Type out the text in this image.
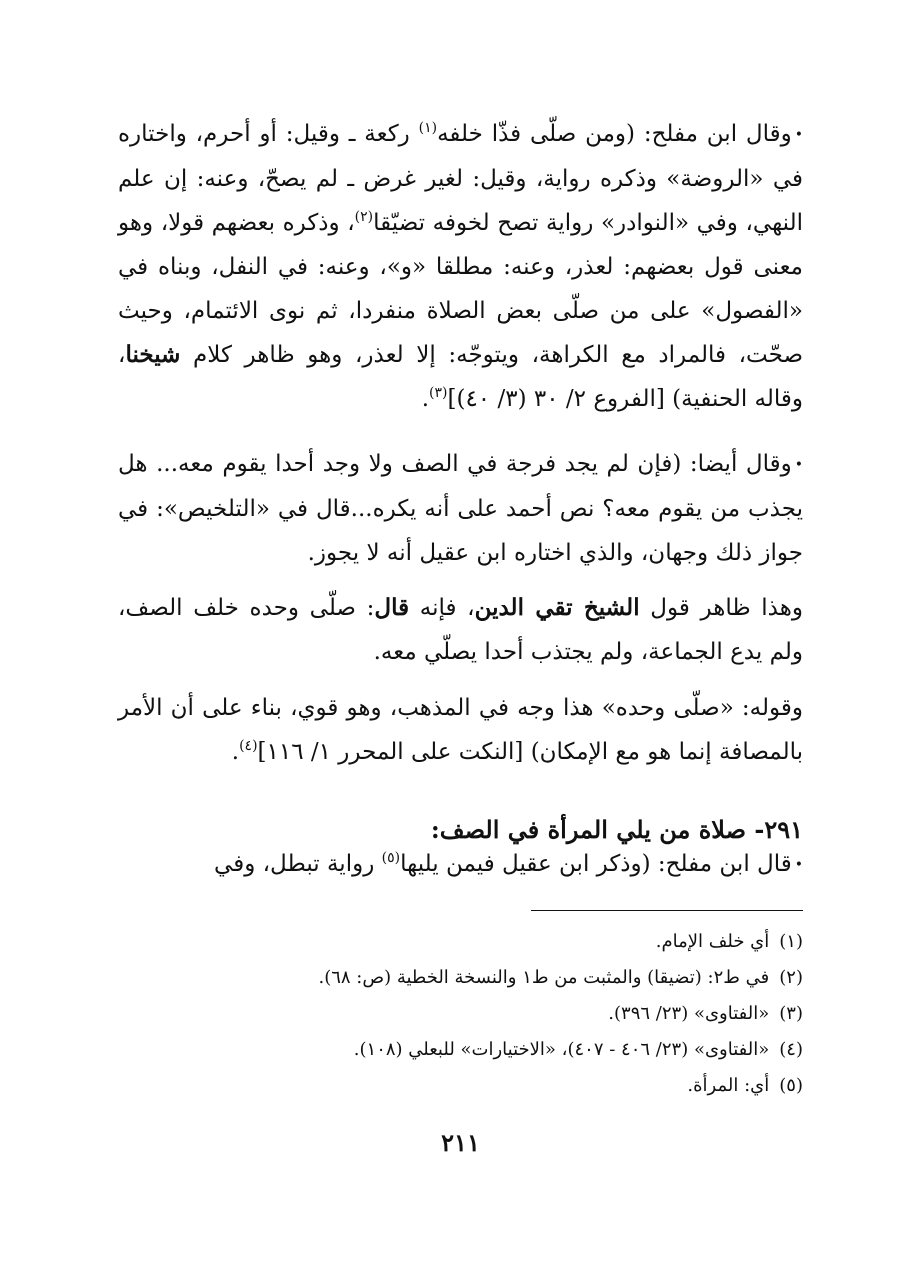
•وقال ابن مفلح: (ومن صلّى فذّا خلفه$^{(١)}$ ركعة ـ وقيل: أو أحرم، واختاره في «الروضة» وذكره رواية، وقيل: لغير غرض ـ لم يصحّ، وعنه: إن علم النهي، وفي «النوادر» رواية تصح لخوفه تضيّقا$^{(٢)}$، وذكره بعضهم قولا، وهو معنى قول بعضهم: لعذر، وعنه: مطلقا «و»، وعنه: في النفل، وبناه في «الفصول» على من صلّى بعض الصلاة منفردا، ثم نوى الائتمام، وحيث صحّت، فالمراد مع الكراهة، ويتوجّه: إلا لعذر، وهو ظاهر كلام شيخنا، وقاله الحنفية) [الفروع ٢/ ٣٠ (٣/ ٤٠)]$^{(٣)}$.

•وقال أيضا: (فإن لم يجد فرجة في الصف ولا وجد أحدا يقوم معه... هل يجذب من يقوم معه؟ نص أحمد على أنه يكره...قال في «التلخيص»: في جواز ذلك وجهان، والذي اختاره ابن عقيل أنه لا يجوز.

وهذا ظاهر قول الشيخ تقي الدين، فإنه قال: صلّى وحده خلف الصف، ولم يدع الجماعة، ولم يجتذب أحدا يصلّي معه.

وقوله: «صلّى وحده» هذا وجه في المذهب، وهو قوي، بناء على أن الأمر بالمصافة إنما هو مع الإمكان) [النكت على المحرر ١/ ١١٦]$^{(٤)}$.

٢٩١- صلاة من يلي المرأة في الصف:

•قال ابن مفلح: (وذكر ابن عقيل فيمن يليها$^{(٥)}$ رواية تبطل، وفي

(١) أي خلف الإمام.

(٢) في ط٢: (تضيقا) والمثبت من ط١ والنسخة الخطية (ص: ٦٨).

(٣) «الفتاوى» (٢٣/ ٣٩٦).

(٤) «الفتاوى» (٢٣/ ٤٠٦ - ٤٠٧)، «الاختيارات» للبعلي (١٠٨).

(٥) أي: المرأة.

٢١١
